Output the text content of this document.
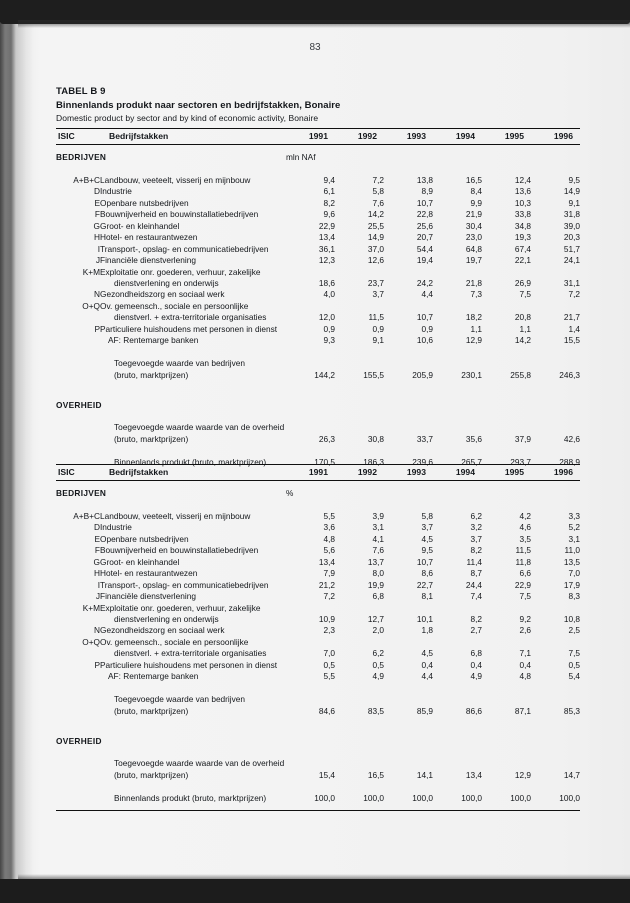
83
TABEL B 9
Binnenlands produkt naar sectoren en bedrijfstakken, Bonaire
Domestic product by sector and by kind of economic activity, Bonaire
ISIC	Bedrijfstakken	1991	1992	1993	1994	1995	1996

BEDRIJVEN		mln NAf					

A+B+C	Landbouw, veeteelt, visserij en mijnbouw	9,4	7,2	13,8	16,5	12,4	9,5
D	Industrie	6,1	5,8	8,9	8,4	13,6	14,9
E	Openbare nutsbedrijven	8,2	7,6	10,7	9,9	10,3	9,1
F	Bouwnijverheid en bouwinstallatiebedrijven	9,6	14,2	22,8	21,9	33,8	31,8
G	Groot- en kleinhandel	22,9	25,5	25,6	30,4	34,8	39,0
H	Hotel- en restaurantwezen	13,4	14,9	20,7	23,0	19,3	20,3
I	Transport-, opslag- en communicatiebedrijven	36,1	37,0	54,4	64,8	67,4	51,7
J	Financiële dienstverlening	12,3	12,6	19,4	19,7	22,1	24,1
K+M	Exploitatie onr. goederen, verhuur, zakelijke						
	dienstverlening en onderwijs	18,6	23,7	24,2	21,8	26,9	31,1
N	Gezondheidszorg en sociaal werk	4,0	3,7	4,4	7,3	7,5	7,2
O+Q	Ov. gemeensch., sociale en persoonlijke						
	dienstverl. + extra-territoriale organisaties	12,0	11,5	10,7	18,2	20,8	21,7
P	Particuliere huishoudens met personen in dienst	0,9	0,9	0,9	1,1	1,1	1,4
	AF: Rentemarge banken	9,3	9,1	10,6	12,9	14,2	15,5

	Toegevoegde waarde van bedrijven						
	(bruto, marktprijzen)	144,2	155,5	205,9	230,1	255,8	246,3

OVERHEID							

	Toegevoegde waarde waarde van de overheid						
	(bruto, marktprijzen)	26,3	30,8	33,7	35,6	37,9	42,6

	Binnenlands produkt (bruto, marktprijzen)	170,5	186,3	239,6	265,7	293,7	288,9
ISIC	Bedrijfstakken	1991	1992	1993	1994	1995	1996

BEDRIJVEN		%					

A+B+C	Landbouw, veeteelt, visserij en mijnbouw	5,5	3,9	5,8	6,2	4,2	3,3
D	Industrie	3,6	3,1	3,7	3,2	4,6	5,2
E	Openbare nutsbedrijven	4,8	4,1	4,5	3,7	3,5	3,1
F	Bouwnijverheid en bouwinstallatiebedrijven	5,6	7,6	9,5	8,2	11,5	11,0
G	Groot- en kleinhandel	13,4	13,7	10,7	11,4	11,8	13,5
H	Hotel- en restaurantwezen	7,9	8,0	8,6	8,7	6,6	7,0
I	Transport-, opslag- en communicatiebedrijven	21,2	19,9	22,7	24,4	22,9	17,9
J	Financiële dienstverlening	7,2	6,8	8,1	7,4	7,5	8,3
K+M	Exploitatie onr. goederen, verhuur, zakelijke						
	dienstverlening en onderwijs	10,9	12,7	10,1	8,2	9,2	10,8
N	Gezondheidszorg en sociaal werk	2,3	2,0	1,8	2,7	2,6	2,5
O+Q	Ov. gemeensch., sociale en persoonlijke						
	dienstverl. + extra-territoriale organisaties	7,0	6,2	4,5	6,8	7,1	7,5
P	Particuliere huishoudens met personen in dienst	0,5	0,5	0,4	0,4	0,4	0,5
	AF: Rentemarge banken	5,5	4,9	4,4	4,9	4,8	5,4

	Toegevoegde waarde van bedrijven						
	(bruto, marktprijzen)	84,6	83,5	85,9	86,6	87,1	85,3

OVERHEID							

	Toegevoegde waarde waarde van de overheid						
	(bruto, marktprijzen)	15,4	16,5	14,1	13,4	12,9	14,7

	Binnenlands produkt (bruto, marktprijzen)	100,0	100,0	100,0	100,0	100,0	100,0
